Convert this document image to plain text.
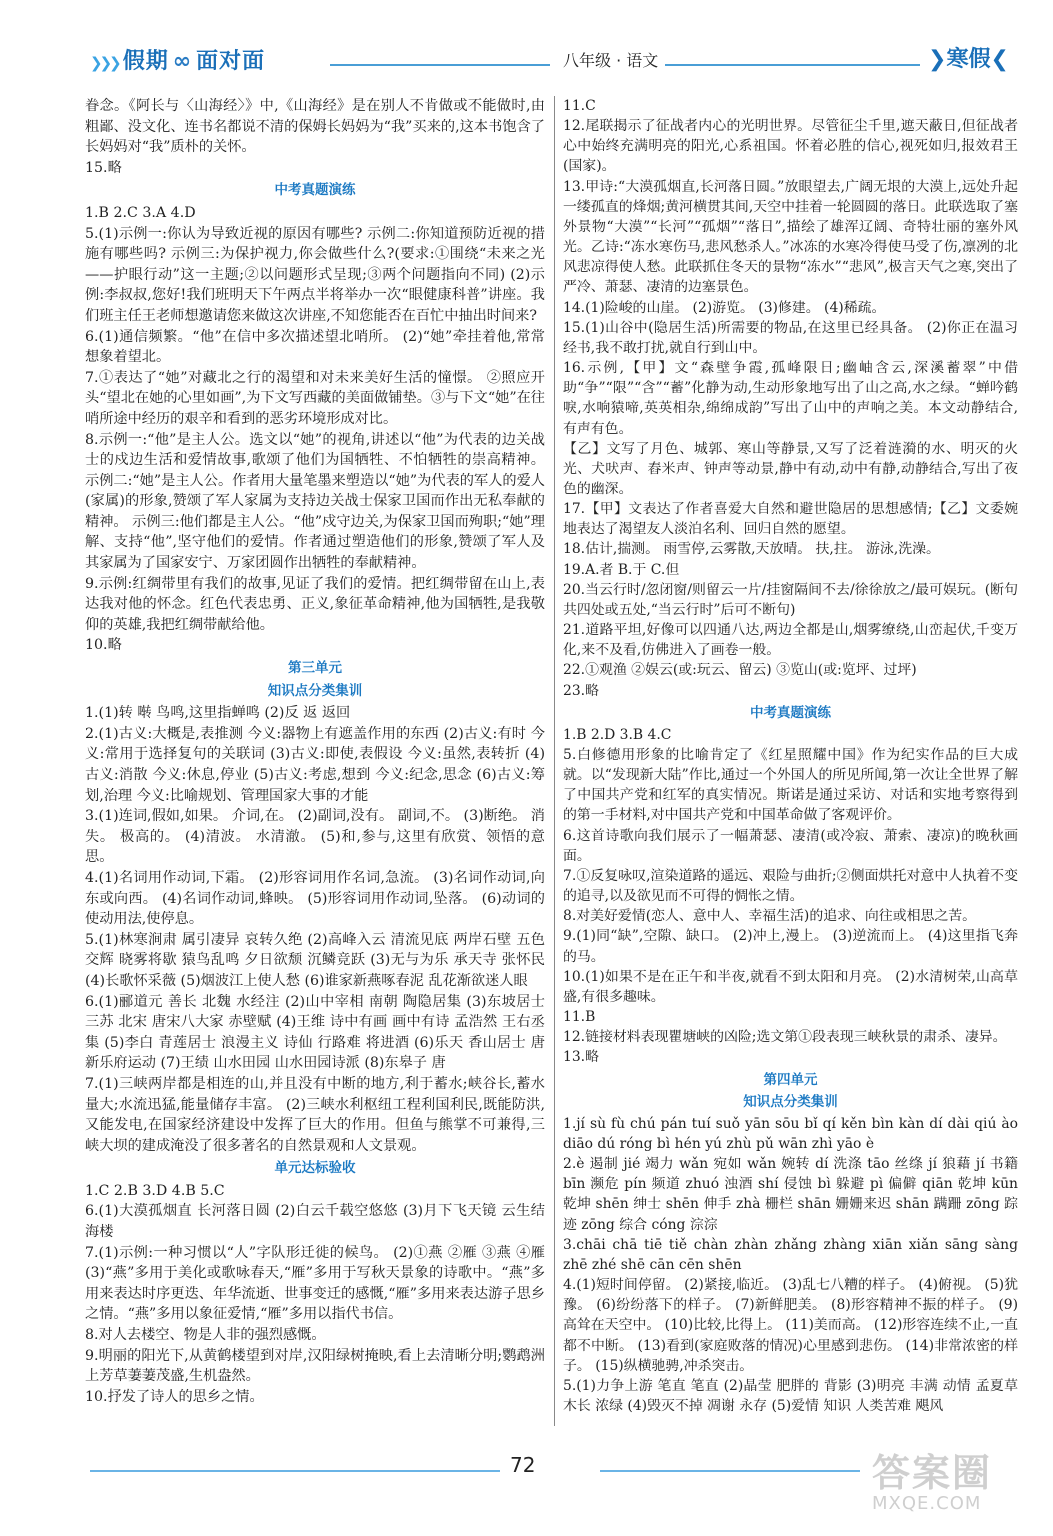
❯❯❯ 假期 ∞ 面对面	八年级 · 语文	❯寒假❮

眷念。《阿长与〈山海经〉》中,《山海经》是在别人不肯做或不能做时,由粗鄙、没文化、连书名都说不清的保姆长妈妈为“我”买来的,这本书饱含了长妈妈对“我”质朴的关怀。

15.略

中考真题演练

1.B 2.C 3.A 4.D

5.(1)示例一:你认为导致近视的原因有哪些? 示例二:你知道预防近视的措施有哪些吗? 示例三:为保护视力,你会做些什么?(要求:①围绕“未来之光——护眼行动”这一主题;②以问题形式呈现;③两个问题指向不同) (2)示例:李叔叔,您好!我们班明天下午两点半将举办一次“眼健康科普”讲座。我们班主任王老师想邀请您来做这次讲座,不知您能否在百忙中抽出时间来?

6.(1)通信频繁。“他”在信中多次描述望北哨所。 (2)“她”牵挂着他,常常想象着望北。

7.①表达了“她”对藏北之行的渴望和对未来美好生活的憧憬。 ②照应开头“望北在她的心里如画”,为下文写西藏的美面做铺垫。③与下文“她”在往哨所途中经历的艰辛和看到的恶劣环境形成对比。

8.示例一:“他”是主人公。选文以“她”的视角,讲述以“他”为代表的边关战士的戍边生活和爱情故事,歌颂了他们为国牺牲、不怕牺牲的崇高精神。 示例二:“她”是主人公。作者用大量笔墨来塑造以“她”为代表的军人的爱人(家属)的形象,赞颂了军人家属为支持边关战士保家卫国而作出无私奉献的精神。 示例三:他们都是主人公。“他”戍守边关,为保家卫国而殉职;“她”理解、支持“他”,坚守他们的爱情。作者通过塑造他们的形象,赞颂了军人及其家属为了国家安宁、万家团圆作出牺牲的奉献精神。

9.示例:红绸带里有我们的故事,见证了我们的爱情。把红绸带留在山上,表达我对他的怀念。红色代表忠勇、正义,象征革命精神,他为国牺牲,是我敬仰的英雄,我把红绸带献给他。

10.略

第三单元

知识点分类集训

1.(1)转 啭 鸟鸣,这里指蝉鸣 (2)反 返 返回

2.(1)古义:大概是,表推测 今义:器物上有遮盖作用的东西 (2)古义:有时 今义:常用于选择复句的关联词 (3)古义:即使,表假设 今义:虽然,表转折 (4)古义:消散 今义:休息,停业 (5)古义:考虑,想到 今义:纪念,思念 (6)古义:筹划,治理 今义:比喻规划、管理国家大事的才能

3.(1)连词,假如,如果。 介词,在。 (2)副词,没有。 副词,不。 (3)断绝。 消失。 极高的。 (4)清波。 水清澈。 (5)和,参与,这里有欣赏、领悟的意思。

4.(1)名词用作动词,下霜。 (2)形容词用作名词,急流。 (3)名词作动词,向东或向西。 (4)名词作动词,蜂映。 (5)形容词用作动词,坠落。 (6)动词的使动用法,使停息。

5.(1)林寒涧肃 属引凄异 哀转久绝 (2)高峰入云 清流见底 两岸石壁 五色交辉 晓雾将歇 猿鸟乱鸣 夕日欲颓 沉鳞竞跃 (3)无与为乐 承天寺 张怀民 (4)长歌怀采薇 (5)烟波江上使人愁 (6)谁家新燕啄春泥 乱花渐欲迷人眼

6.(1)郦道元 善长 北魏 水经注 (2)山中宰相 南朝 陶隐居集 (3)东坡居士 三苏 北宋 唐宋八大家 赤壁赋 (4)王维 诗中有画 画中有诗 孟浩然 王右丞集 (5)李白 青莲居士 浪漫主义 诗仙 行路难 将进酒 (6)乐天 香山居士 唐 新乐府运动 (7)王绩 山水田园 山水田园诗派 (8)东皋子 唐

7.(1)三峡两岸都是相连的山,并且没有中断的地方,利于蓄水;峡谷长,蓄水量大;水流迅猛,能量储存丰富。 (2)三峡水利枢纽工程利国利民,既能防洪,又能发电,在国家经济建设中发挥了巨大的作用。但鱼与熊掌不可兼得,三峡大坝的建成淹没了很多著名的自然景观和人文景观。

单元达标验收

1.C 2.B 3.D 4.B 5.C

6.(1)大漠孤烟直 长河落日圆 (2)白云千载空悠悠 (3)月下飞天镜 云生结海楼

7.(1)示例:一种习惯以“人”字队形迁徙的候鸟。 (2)①燕 ②雁 ③燕 ④雁 (3)“燕”多用于美化或歌咏春天,“雁”多用于写秋天景象的诗歌中。“燕”多用来表达时序更迭、年华流逝、世事变迁的感慨,“雁”多用来表达游子思乡之情。“燕”多用以象征爱情,“雁”多用以指代书信。

8.对人去楼空、物是人非的强烈感慨。

9.明丽的阳光下,从黄鹤楼望到对岸,汉阳绿树掩映,看上去清晰分明;鹦鹉洲上芳草萋萋茂盛,生机盎然。

10.抒发了诗人的思乡之情。

11.C

12.尾联揭示了征战者内心的光明世界。尽管征尘千里,遮天蔽日,但征战者心中始终充满明亮的阳光,心系祖国。怀着必胜的信心,视死如归,报效君王(国家)。

13.甲诗:“大漠孤烟直,长河落日圆。”放眼望去,广阔无垠的大漠上,远处升起一缕孤直的烽烟;黄河横贯其间,天空中挂着一轮圆圆的落日。此联选取了塞外景物“大漠”“长河”“孤烟”“落日”,描绘了雄浑辽阔、奇特壮丽的塞外风光。乙诗:“冻水寒伤马,悲风愁杀人。”冰冻的水寒冷得使马受了伤,凛冽的北风悲凉得使人愁。此联抓住冬天的景物“冻水”“悲风”,极言天气之寒,突出了严冷、萧瑟、凄清的边塞景色。

14.(1)险峻的山崖。 (2)游览。 (3)修建。 (4)稀疏。

15.(1)山谷中(隐居生活)所需要的物品,在这里已经具备。 (2)你正在温习经书,我不敢打扰,就自行到山中。

16.示例,【甲】文“森壁争霞,孤峰限日;幽岫含云,深溪蓄翠”中借助“争”“限”“含”“蓄”化静为动,生动形象地写出了山之高,水之绿。“蝉吟鹤唳,水响猿啼,英英相杂,绵绵成韵”写出了山中的声响之美。本文动静结合,有声有色。

【乙】文写了月色、城郭、寒山等静景,又写了泛着涟漪的水、明灭的火光、犬吠声、舂米声、钟声等动景,静中有动,动中有静,动静结合,写出了夜色的幽深。

17.【甲】文表达了作者喜爱大自然和避世隐居的思想感情;【乙】文委婉地表达了渴望友人淡泊名利、回归自然的愿望。

18.估计,揣测。 雨雪停,云雾散,天放晴。 扶,拄。 游泳,洗澡。

19.A.者 B.于 C.但

20.当云行时/忽闭窗/则留云一片/挂窗隔间不去/徐徐放之/最可娱玩。(断句共四处或五处,“当云行时”后可不断句)

21.道路平坦,好像可以四通八达,两边全都是山,烟雾缭绕,山峦起伏,千变万化,来不及看,仿佛进入了画卷一般。

22.①观渔 ②娱云(或:玩云、留云) ③览山(或:览坪、过坪)

23.略

中考真题演练

1.B 2.D 3.B 4.C

5.白修德用形象的比喻肯定了《红星照耀中国》作为纪实作品的巨大成就。以“发现新大陆”作比,通过一个外国人的所见所闻,第一次让全世界了解了中国共产党和红军的真实情况。斯诺是通过采访、对话和实地考察得到的第一手材料,对中国共产党和中国革命做了客观评价。

6.这首诗歌向我们展示了一幅萧瑟、凄清(或冷寂、萧索、凄凉)的晚秋画面。

7.①反复咏叹,渲染道路的遥远、艰险与曲折;②侧面烘托对意中人执着不变的追寻,以及欲见而不可得的惆怅之情。

8.对美好爱情(恋人、意中人、幸福生活)的追求、向往或相思之苦。

9.(1)同“缺”,空隙、缺口。 (2)冲上,漫上。 (3)逆流而上。 (4)这里指飞奔的马。

10.(1)如果不是在正午和半夜,就看不到太阳和月亮。 (2)水清树荣,山高草盛,有很多趣味。

11.B

12.链接材料表现瞿塘峡的凶险;选文第①段表现三峡秋景的肃杀、凄异。

13.略

第四单元

知识点分类集训

1.jí sù fù chú pán tuí suǒ yān sōu bǐ qí kěn bìn kàn dí dài qiú ào diāo dú róng bì hén yú zhù pǔ wān zhì yāo è

2.è 遏制 jié 竭力 wǎn 宛如 wǎn 婉转 dí 洗涤 tāo 丝绦 jí 狼藉 jí 书籍 bīn 濒危 pín 频道 zhuó 浊酒 shí 侵蚀 bì 躲避 pì 偏僻 qiān 乾坤 kūn 乾坤 shēn 绅士 shēn 伸手 zhà 栅栏 shān 姗姗来迟 shān 蹒跚 zōng 踪迹 zōng 综合 cóng 淙淙

3.chāi chā tiē tiě chàn zhàn zhǎng zhàng xiān xiǎn sāng sàng zhē zhé shē cān cēn shēn

4.(1)短时间停留。 (2)紧接,临近。 (3)乱七八糟的样子。 (4)俯视。 (5)犹豫。 (6)纷纷落下的样子。 (7)新鲜肥美。 (8)形容精神不振的样子。 (9)高耸在天空中。 (10)比较,比得上。 (11)美而高。 (12)形容连续不止,一直都不中断。 (13)看到(家庭败落的情况)心里感到悲伤。 (14)非常浓密的样子。 (15)纵横驰骋,冲杀突击。

5.(1)力争上游 笔直 笔直 (2)晶莹 肥胖的 背影 (3)明亮 丰满 动情 孟夏草木长 浓绿 (4)毁灭不掉 凋谢 永存 (5)爱情 知识 人类苦难 飓风

72	答案圈
MXQE.COM
